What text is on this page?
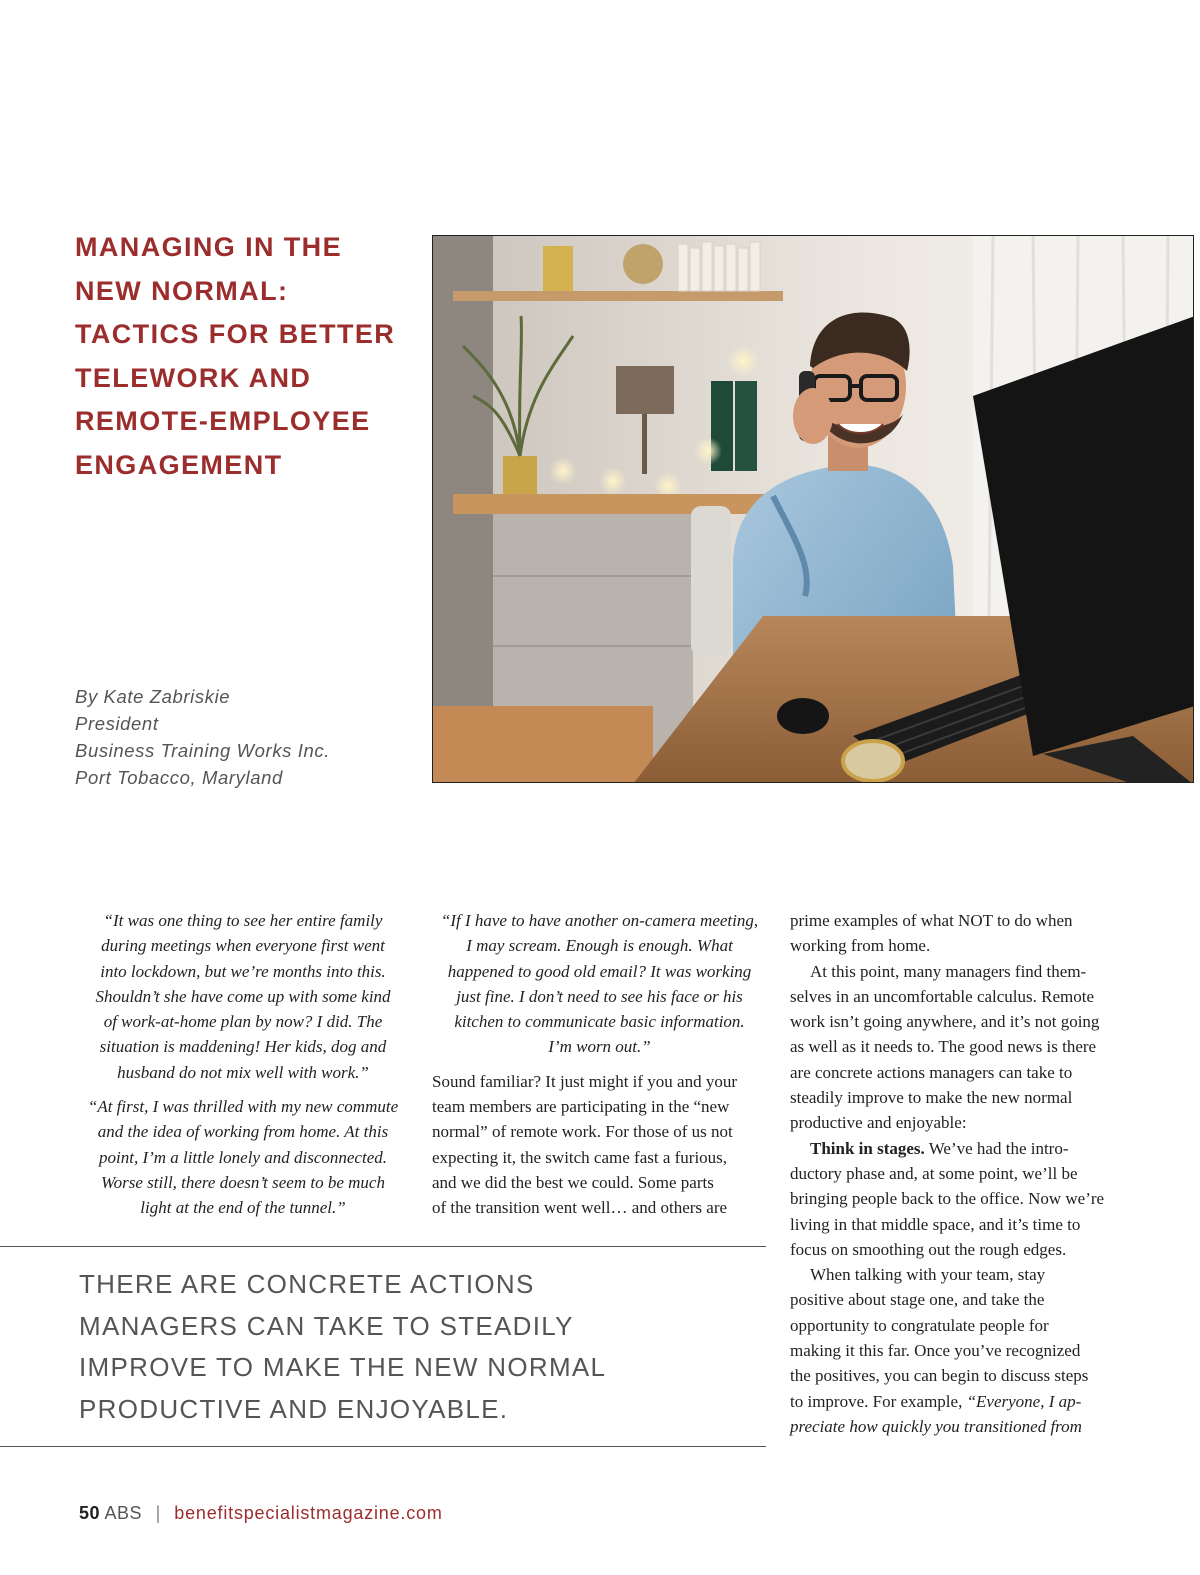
MANAGING IN THE
NEW NORMAL:
TACTICS FOR BETTER
TELEWORK AND
REMOTE-EMPLOYEE
ENGAGEMENT
By Kate Zabriskie
President
Business Training Works Inc.
Port Tobacco, Maryland

“It was one thing to see her entire family
during meetings when everyone first went
into lockdown, but we’re months into this.
Shouldn’t she have come up with some kind
of work-at-home plan by now? I did. The
situation is maddening! Her kids, dog and
husband do not mix well with work.”

“At first, I was thrilled with my new commute
and the idea of working from home. At this
point, I’m a little lonely and disconnected.
Worse still, there doesn’t seem to be much
light at the end of the tunnel.”

“If I have to have another on-camera meeting,
I may scream. Enough is enough. What
happened to good old email? It was working
just fine. I don’t need to see his face or his
kitchen to communicate basic information.
I’m worn out.”

Sound familiar? It just might if you and your
team members are participating in the “new
normal” of remote work. For those of us not
expecting it, the switch came fast a furious,
and we did the best we could. Some parts
of the transition went well… and others are

prime examples of what NOT to do when
working from home.

At this point, many managers find them-
selves in an uncomfortable calculus. Remote
work isn’t going anywhere, and it’s not going
as well as it needs to. The good news is there
are concrete actions managers can take to
steadily improve to make the new normal
productive and enjoyable:

Think in stages. We’ve had the intro-
ductory phase and, at some point, we’ll be
bringing people back to the office. Now we’re
living in that middle space, and it’s time to
focus on smoothing out the rough edges.

When talking with your team, stay
positive about stage one, and take the
opportunity to congratulate people for
making it this far. Once you’ve recognized
the positives, you can begin to discuss steps
to improve. For example, “Everyone, I ap-
preciate how quickly you transitioned from

THERE ARE CONCRETE ACTIONS
MANAGERS CAN TAKE TO STEADILY
IMPROVE TO MAKE THE NEW NORMAL
PRODUCTIVE AND ENJOYABLE.
50 ABS | benefitspecialistmagazine.com
